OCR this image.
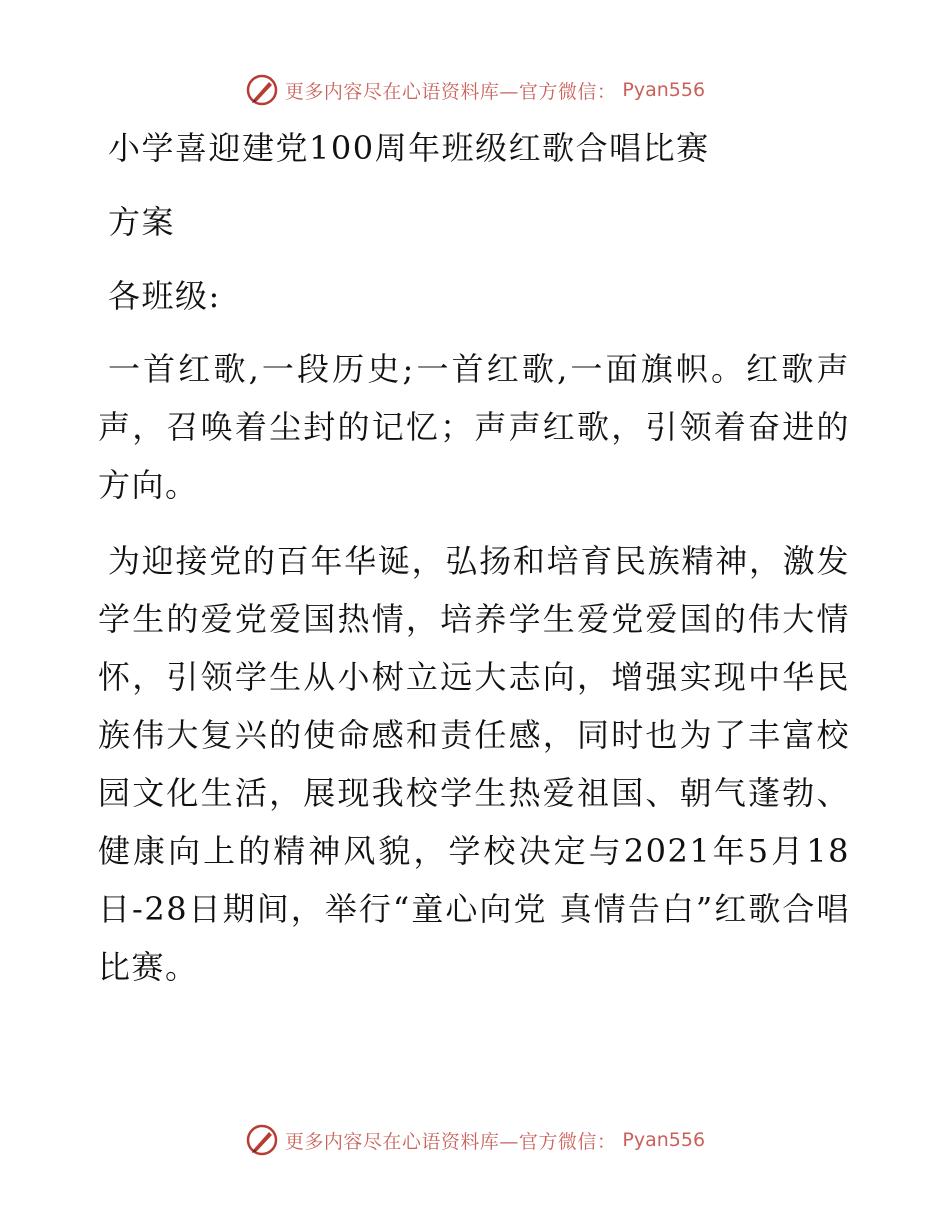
更多内容尽在心语资料库—官方微信： Pyan556
小学喜迎建党100周年班级红歌合唱比赛
方案
各班级:
一首红歌,一段历史;一首红歌,一面旗帜。红歌声声，召唤着尘封的记忆；声声红歌，引领着奋进的方向。
为迎接党的百年华诞，弘扬和培育民族精神，激发学生的爱党爱国热情，培养学生爱党爱国的伟大情怀，引领学生从小树立远大志向，增强实现中华民族伟大复兴的使命感和责任感，同时也为了丰富校园文化生活，展现我校学生热爱祖国、朝气蓬勃、健康向上的精神风貌，学校决定与2021年5月18日-28日期间，举行“童心向党 真情告白”红歌合唱比赛。
更多内容尽在心语资料库—官方微信： Pyan556
